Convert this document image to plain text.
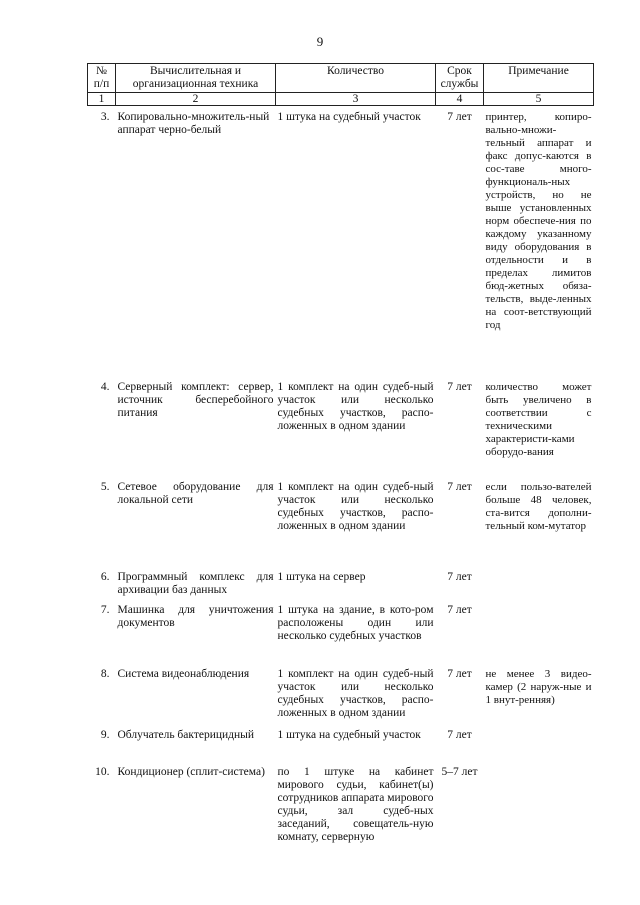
9
№ п/п	Вычислительная и организационная техника	Количество	Срок службы	Примечание
1	2	3	4	5
3.	Копировально-множитель-ный аппарат черно-белый	1 штука на судебный участок	7 лет	принтер, копиро-вально-множи-тельный аппарат и факс допус-каются в сос-таве много-функциональ-ных устройств, но не выше установленных норм обеспече-ния по каждому указанному виду оборудования в отдельности и в пределах лимитов бюд-жетных обяза-тельств, выде-ленных на соот-ветствующий год
4.	Серверный комплект: сервер, источник бесперебойного питания	1 комплект на один судеб-ный участок или несколько судебных участков, распо-ложенных в одном здании	7 лет	количество может быть увеличено в соответствии с техническими характеристи-ками оборудо-вания
5.	Сетевое оборудование для локальной сети	1 комплект на один судеб-ный участок или несколько судебных участков, распо-ложенных в одном здании	7 лет	если пользо-вателей больше 48 человек, ста-вится дополни-тельный ком-мутатор
6.	Программный комплекс для архивации баз данных	1 штука на сервер	7 лет	
7.	Машинка для уничтожения документов	1 штука на здание, в кото-ром расположены один или несколько судебных участков	7 лет	
8.	Система видеонаблюдения	1 комплект на один судеб-ный участок или несколько судебных участков, распо-ложенных в одном здании	7 лет	не менее 3 видео-камер (2 наруж-ные и 1 внут-ренняя)
9.	Облучатель бактерицидный	1 штука на судебный участок	7 лет	
10.	Кондиционер (сплит-система)	по 1 штуке на кабинет мирового судьи, кабинет(ы) сотрудников аппарата мирового судьи, зал судеб-ных заседаний, совещатель-ную комнату, серверную	5–7 лет	
